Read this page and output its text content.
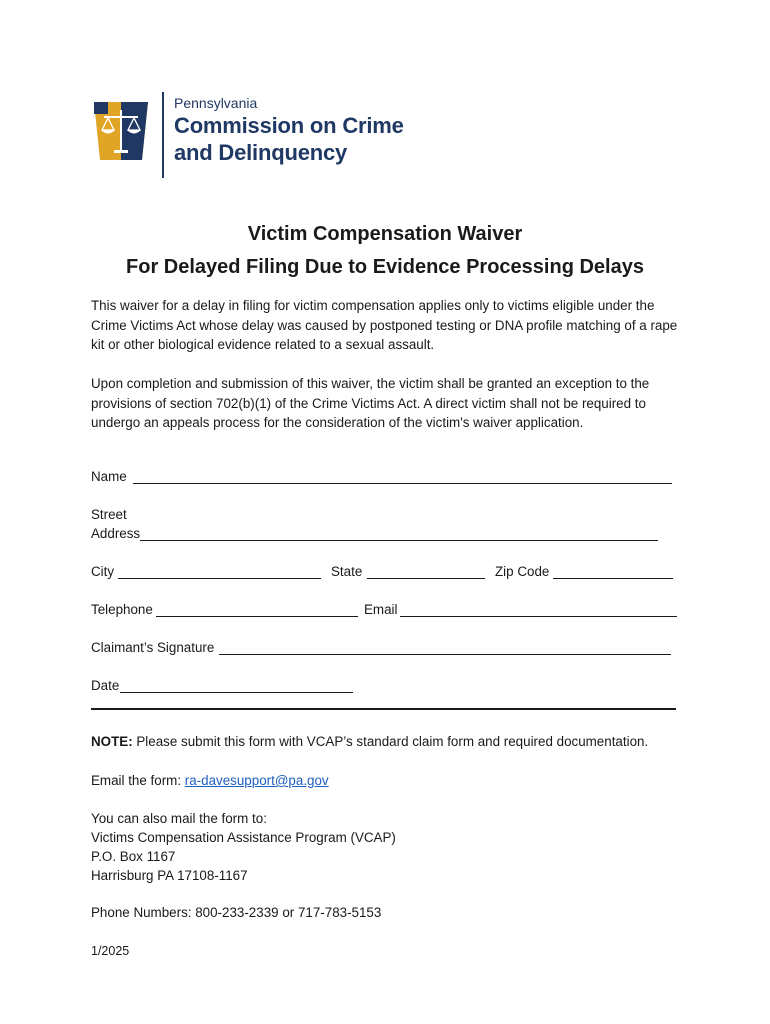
Pennsylvania
Commission on Crime
and Delinquency
Victim Compensation Waiver
For Delayed Filing Due to Evidence Processing Delays
This waiver for a delay in filing for victim compensation applies only to victims eligible under the Crime Victims Act whose delay was caused by postponed testing or DNA profile matching of a rape kit or other biological evidence related to a sexual assault.
Upon completion and submission of this waiver, the victim shall be granted an exception to the provisions of section 702(b)(1) of the Crime Victims Act. A direct victim shall not be required to undergo an appeals process for the consideration of the victim's waiver application.
Name
Street
Address
City	State	Zip Code
Telephone	Email
Claimant’s Signature
Date
NOTE: Please submit this form with VCAP’s standard claim form and required documentation.
Email the form: ra-davesupport@pa.gov
You can also mail the form to:
Victims Compensation Assistance Program (VCAP)
P.O. Box 1167
Harrisburg PA 17108-1167
Phone Numbers: 800-233-2339 or 717-783-5153
1/2025
